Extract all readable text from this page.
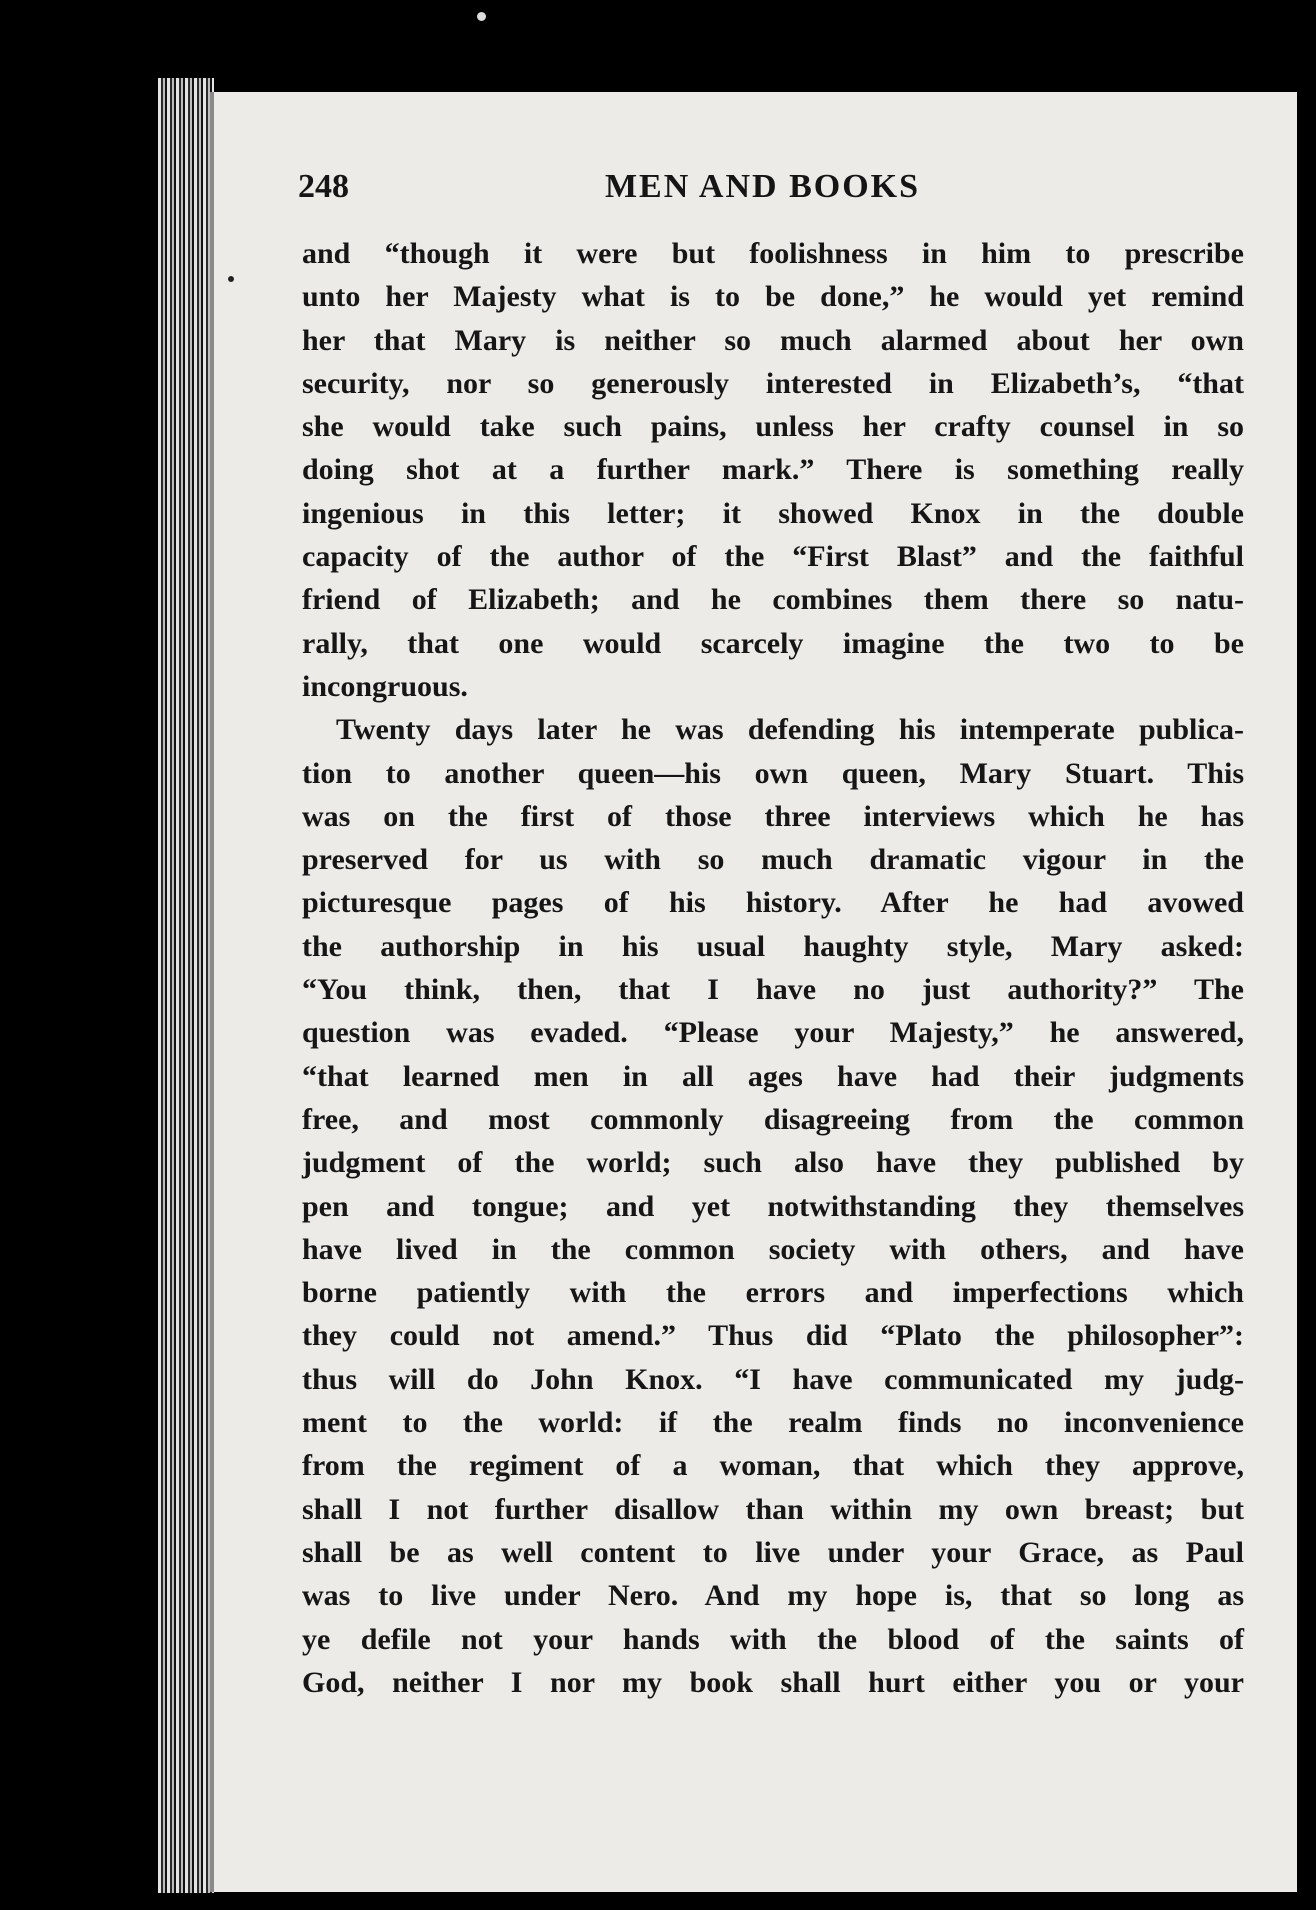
248	MEN AND BOOKS
and “though it were but foolishness in him to prescribe
unto her Majesty what is to be done,” he would yet remind
her that Mary is neither so much alarmed about her own
security, nor so generously interested in Elizabeth’s, “that
she would take such pains, unless her crafty counsel in so
doing shot at a further mark.” There is something really
ingenious in this letter; it showed Knox in the double
capacity of the author of the “First Blast” and the faithful
friend of Elizabeth; and he combines them there so natu-
rally, that one would scarcely imagine the two to be
incongruous.
Twenty days later he was defending his intemperate publica-
tion to another queen—his own queen, Mary Stuart. This
was on the first of those three interviews which he has
preserved for us with so much dramatic vigour in the
picturesque pages of his history. After he had avowed
the authorship in his usual haughty style, Mary asked:
“You think, then, that I have no just authority?” The
question was evaded. “Please your Majesty,” he answered,
“that learned men in all ages have had their judgments
free, and most commonly disagreeing from the common
judgment of the world; such also have they published by
pen and tongue; and yet notwithstanding they themselves
have lived in the common society with others, and have
borne patiently with the errors and imperfections which
they could not amend.” Thus did “Plato the philosopher”:
thus will do John Knox. “I have communicated my judg-
ment to the world: if the realm finds no inconvenience
from the regiment of a woman, that which they approve,
shall I not further disallow than within my own breast; but
shall be as well content to live under your Grace, as Paul
was to live under Nero. And my hope is, that so long as
ye defile not your hands with the blood of the saints of
God, neither I nor my book shall hurt either you or your
